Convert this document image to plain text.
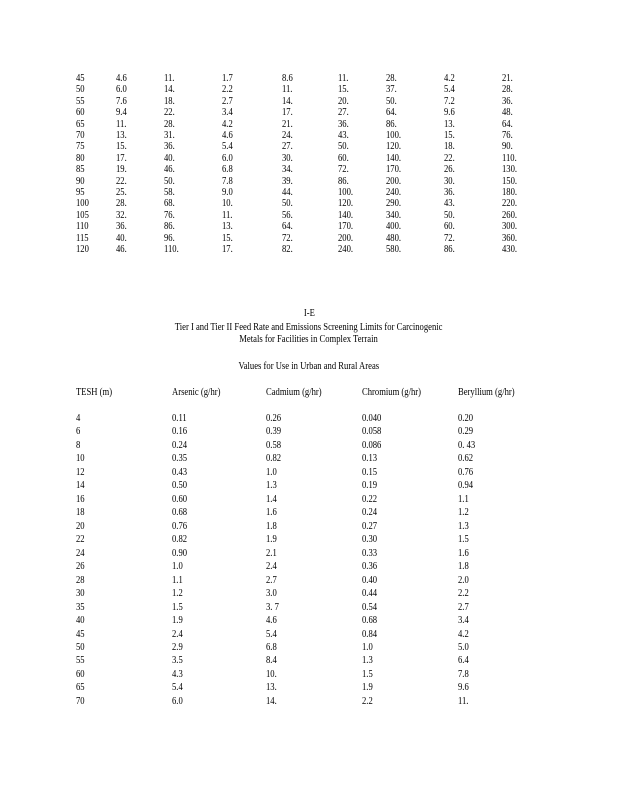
45	4.6	11.	1.7	8.6	11.	28.	4.2	21.
50	6.0	14.	2.2	11.	15.	37.	5.4	28.
55	7.6	18.	2.7	14.	20.	50.	7.2	36.
60	9.4	22.	3.4	17.	27.	64.	9.6	48.
65	11.	28.	4.2	21.	36.	86.	13.	64.
70	13.	31.	4.6	24.	43.	100.	15.	76.
75	15.	36.	5.4	27.	50.	120.	18.	90.
80	17.	40.	6.0	30.	60.	140.	22.	110.
85	19.	46.	6.8	34.	72.	170.	26.	130.
90	22.	50.	7.8	39.	86.	200.	30.	150.
95	25.	58.	9.0	44.	100.	240.	36.	180.
100	28.	68.	10.	50.	120.	290.	43.	220.
105	32.	76.	11.	56.	140.	340.	50.	260.
110	36.	86.	13.	64.	170.	400.	60.	300.
115	40.	96.	15.	72.	200.	480.	72.	360.
120	46.	110.	17.	82.	240.	580.	86.	430.
I-E
Tier I and Tier II Feed Rate and Emissions Screening Limits for Carcinogenic
Metals for Facilities in Complex Terrain
Values for Use in Urban and Rural Areas
TESH (m)	Arsenic (g/hr)	Cadmium (g/hr)	Chromium (g/hr)	Beryllium (g/hr)
4	0.11	0.26	0.040	0.20
6	0.16	0.39	0.058	0.29
8	0.24	0.58	0.086	0. 43
10	0.35	0.82	0.13	0.62
12	0.43	1.0	0.15	0.76
14	0.50	1.3	0.19	0.94
16	0.60	1.4	0.22	1.1
18	0.68	1.6	0.24	1.2
20	0.76	1.8	0.27	1.3
22	0.82	1.9	0.30	1.5
24	0.90	2.1	0.33	1.6
26	1.0	2.4	0.36	1.8
28	1.1	2.7	0.40	2.0
30	1.2	3.0	0.44	2.2
35	1.5	3. 7	0.54	2.7
40	1.9	4.6	0.68	3.4
45	2.4	5.4	0.84	4.2
50	2.9	6.8	1.0	5.0
55	3.5	8.4	1.3	6.4
60	4.3	10.	1.5	7.8
65	5.4	13.	1.9	9.6
70	6.0	14.	2.2	11.
